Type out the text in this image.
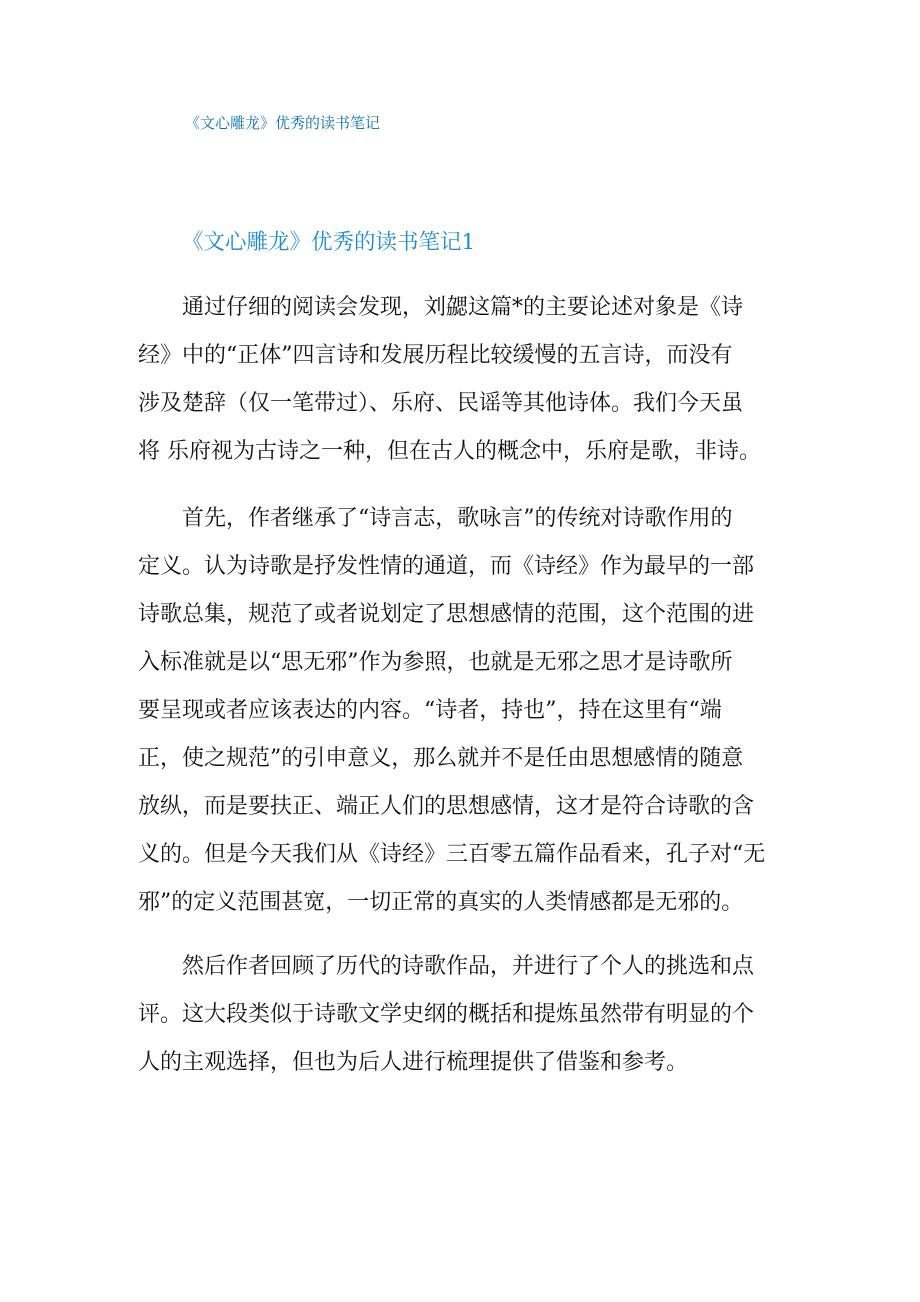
《文心雕龙》优秀的读书笔记
《文心雕龙》优秀的读书笔记1

通过仔细的阅读会发现，刘勰这篇*的主要论述对象是《诗
经》中的“正体”四言诗和发展历程比较缓慢的五言诗，而没有
涉及楚辞（仅一笔带过）、乐府、民谣等其他诗体。我们今天虽
将 乐府视为古诗之一种，但在古人的概念中，乐府是歌，非诗。

首先，作者继承了“诗言志，歌咏言”的传统对诗歌作用的
定义。认为诗歌是抒发性情的通道，而《诗经》作为最早的一部
诗歌总集，规范了或者说划定了思想感情的范围，这个范围的进
入标准就是以“思无邪”作为参照，也就是无邪之思才是诗歌所
要呈现或者应该表达的内容。“诗者，持也”，持在这里有“端
正，使之规范”的引申意义，那么就并不是任由思想感情的随意
放纵，而是要扶正、端正人们的思想感情，这才是符合诗歌的含
义的。但是今天我们从《诗经》三百零五篇作品看来，孔子对“无
邪”的定义范围甚宽，一切正常的真实的人类情感都是无邪的。

然后作者回顾了历代的诗歌作品，并进行了个人的挑选和点
评。这大段类似于诗歌文学史纲的概括和提炼虽然带有明显的个
人的主观选择，但也为后人进行梳理提供了借鉴和参考。
